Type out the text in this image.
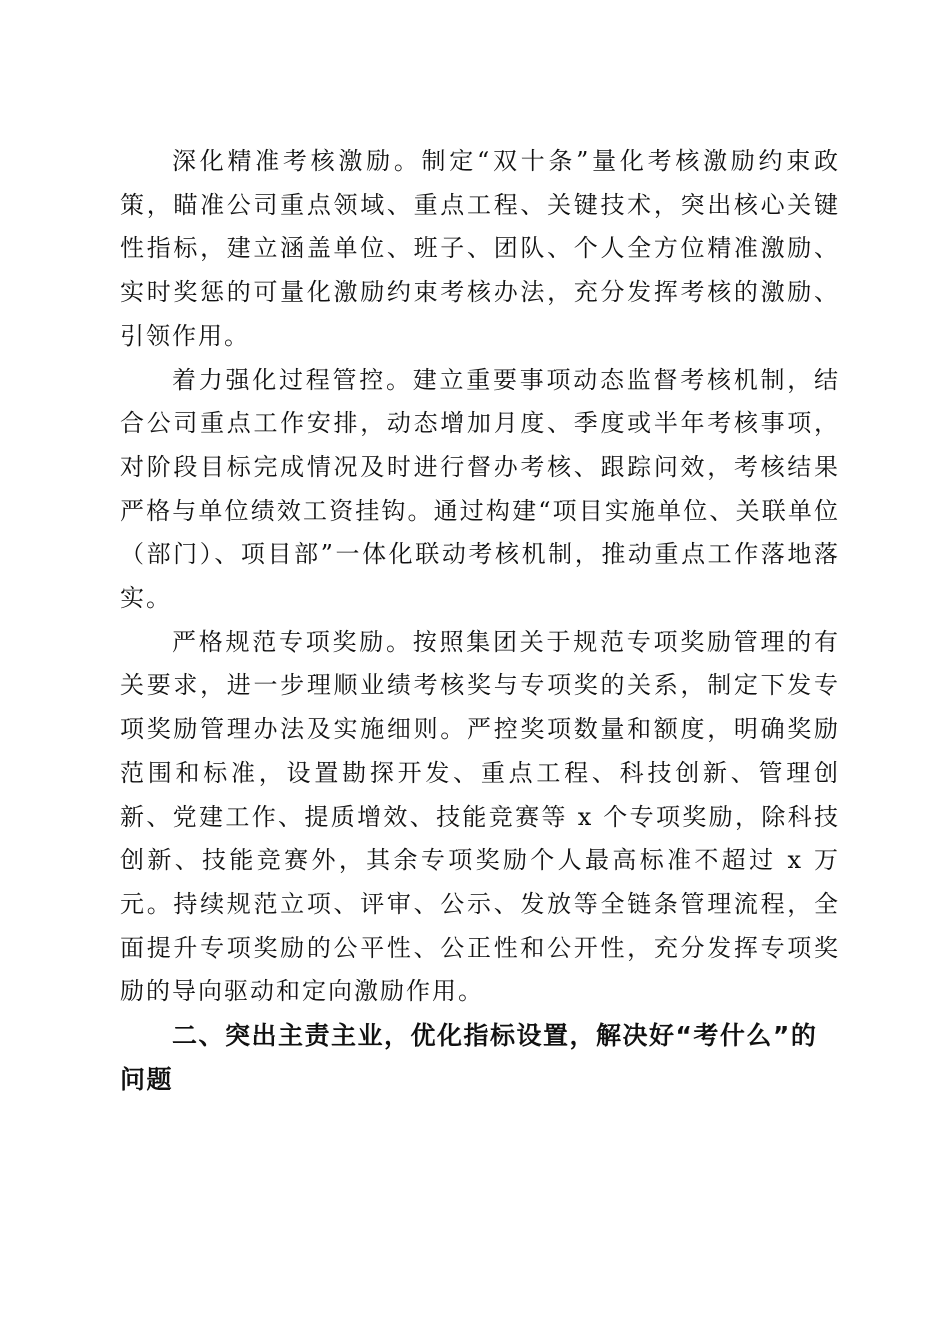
深化精准考核激励。制定“双十条”量化考核激励约束政策，瞄准公司重点领域、重点工程、关键技术，突出核心关键性指标，建立涵盖单位、班子、团队、个人全方位精准激励、实时奖惩的可量化激励约束考核办法，充分发挥考核的激励、引领作用。

着力强化过程管控。建立重要事项动态监督考核机制，结合公司重点工作安排，动态增加月度、季度或半年考核事项，对阶段目标完成情况及时进行督办考核、跟踪问效，考核结果严格与单位绩效工资挂钩。通过构建“项目实施单位、关联单位（部门）、项目部”一体化联动考核机制，推动重点工作落地落实。

严格规范专项奖励。按照集团关于规范专项奖励管理的有关要求，进一步理顺业绩考核奖与专项奖的关系，制定下发专项奖励管理办法及实施细则。严控奖项数量和额度，明确奖励范围和标准，设置勘探开发、重点工程、科技创新、管理创新、党建工作、提质增效、技能竞赛等 x 个专项奖励，除科技创新、技能竞赛外，其余专项奖励个人最高标准不超过 x 万元。持续规范立项、评审、公示、发放等全链条管理流程，全面提升专项奖励的公平性、公正性和公开性，充分发挥专项奖励的导向驱动和定向激励作用。

二、突出主责主业，优化指标设置，解决好“考什么”的问题
